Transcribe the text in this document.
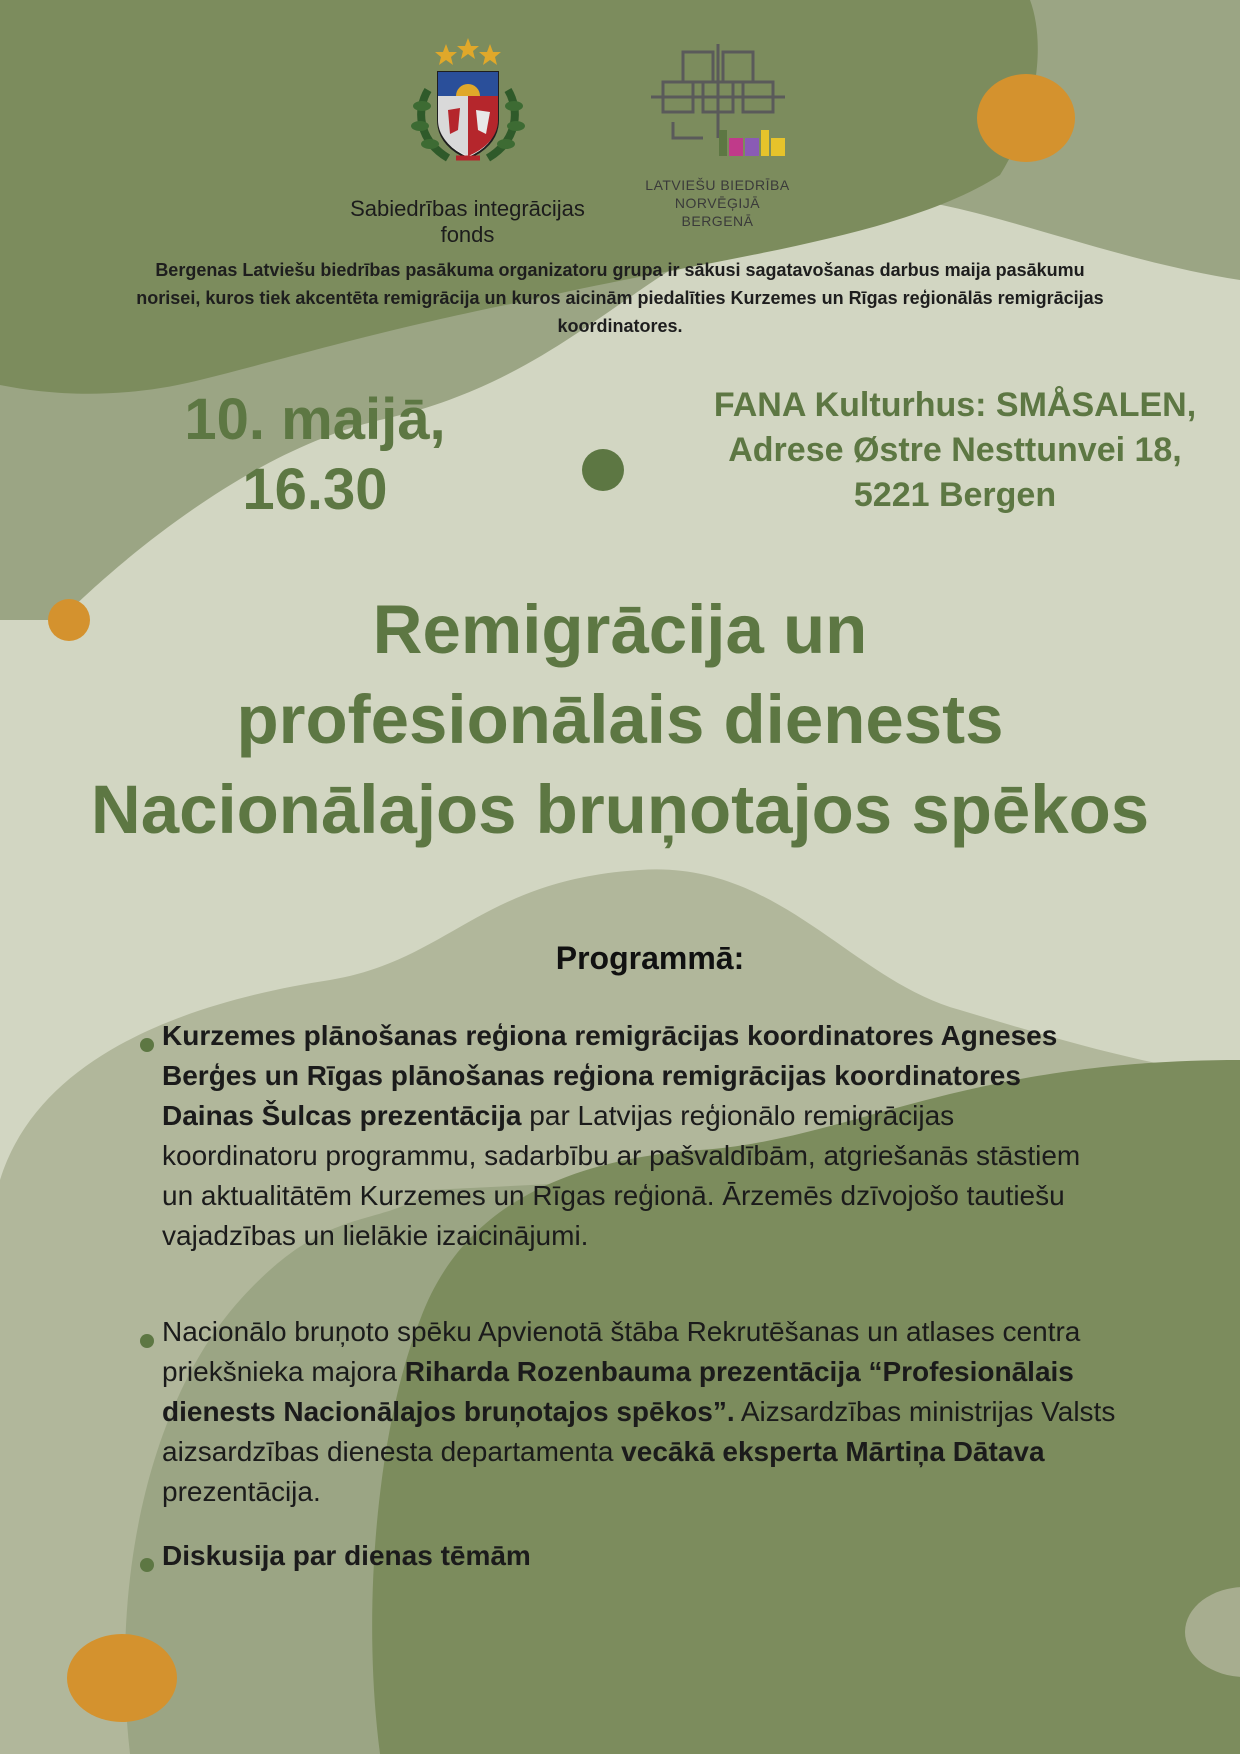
Sabiedrības integrācijas fonds
lbnb
LATVIEŠU BIEDRĪBA
NORVĒĢIJĀ
BERGENĀ
Bergenas Latviešu biedrības pasākuma organizatoru grupa ir sākusi sagatavošanas darbus maija pasākumu norisei, kuros tiek akcentēta remigrācija un kuros aicinām piedalīties Kurzemes un Rīgas reģionālās remigrācijas koordinatores.
10. maijā,
16.30
FANA Kulturhus: SMÅSALEN,
Adrese Østre Nesttunvei 18,
5221 Bergen
Remigrācija un
profesionālais dienests
Nacionālajos bruņotajos spēkos
Programmā:
Kurzemes plānošanas reģiona remigrācijas koordinatores Agneses Berģes un Rīgas plānošanas reģiona remigrācijas koordinatores Dainas Šulcas prezentācija par Latvijas reģionālo remigrācijas koordinatoru programmu, sadarbību ar pašvaldībām, atgriešanās stāstiem un aktualitātēm Kurzemes un Rīgas reģionā. Ārzemēs dzīvojošo tautiešu vajadzības un lielākie izaicinājumi.
Nacionālo bruņoto spēku Apvienotā štāba Rekrutēšanas un atlases centra priekšnieka majora Riharda Rozenbauma prezentācija “Profesionālais dienests Nacionālajos bruņotajos spēkos”. Aizsardzības ministrijas Valsts aizsardzības dienesta departamenta vecākā eksperta Mārtiņa Dātava prezentācija.
Diskusija par dienas tēmām
